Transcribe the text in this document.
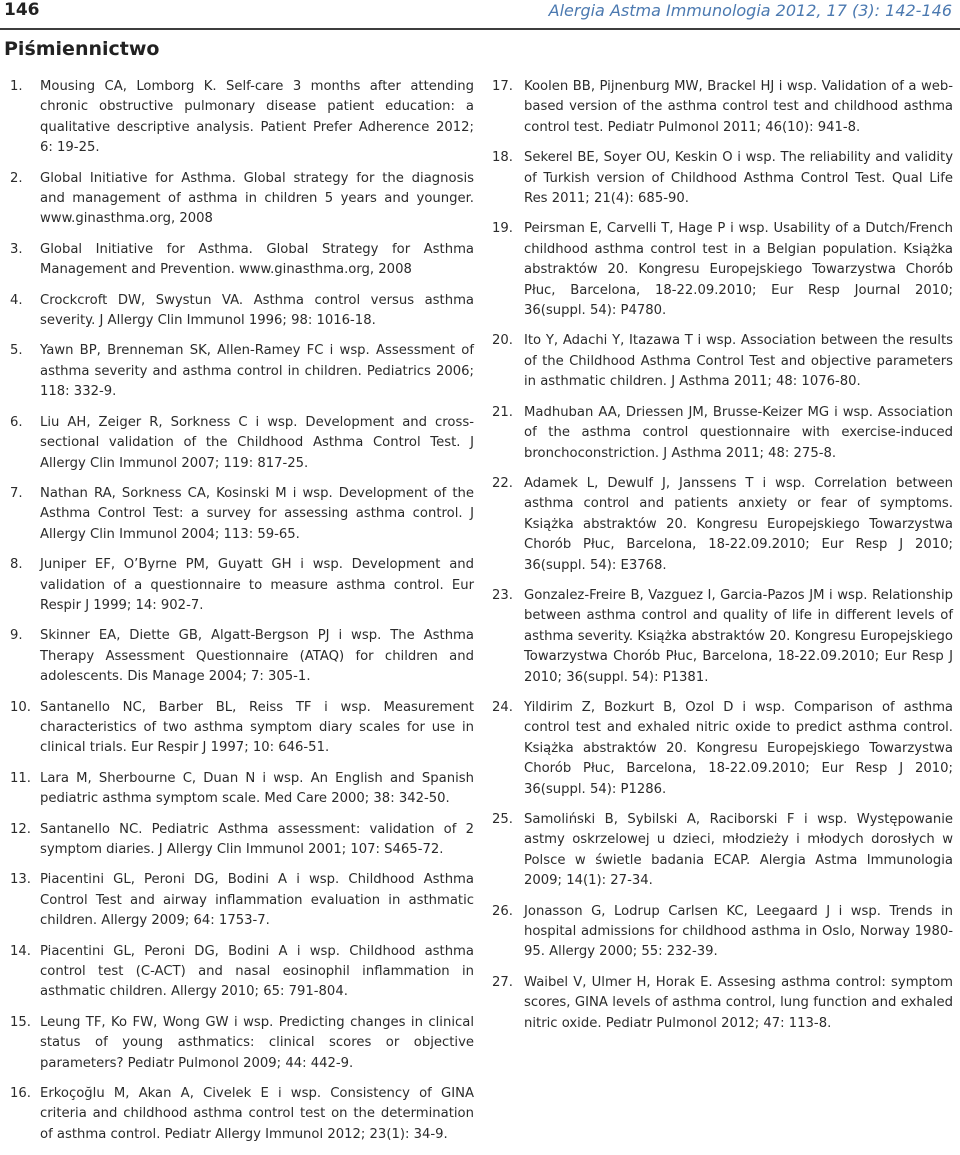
146	Alergia Astma Immunologia 2012, 17 (3): 142-146
Piśmiennictwo
1. Mousing CA, Lomborg K. Self-care 3 months after attending chronic obstructive pulmonary disease patient education: a qualitative descriptive analysis. Patient Prefer Adherence 2012; 6: 19-25.
2. Global Initiative for Asthma. Global strategy for the diagnosis and management of asthma in children 5 years and younger. www.ginasthma.org, 2008
3. Global Initiative for Asthma. Global Strategy for Asthma Management and Prevention. www.ginasthma.org, 2008
4. Crockcroft DW, Swystun VA. Asthma control versus asthma severity. J Allergy Clin Immunol 1996; 98: 1016-18.
5. Yawn BP, Brenneman SK, Allen-Ramey FC i wsp. Assessment of asthma severity and asthma control in children. Pediatrics 2006; 118: 332-9.
6. Liu AH, Zeiger R, Sorkness C i wsp. Development and cross-sectional validation of the Childhood Asthma Control Test. J Allergy Clin Immunol 2007; 119: 817-25.
7. Nathan RA, Sorkness CA, Kosinski M i wsp. Development of the Asthma Control Test: a survey for assessing asthma control. J Allergy Clin Immunol 2004; 113: 59-65.
8. Juniper EF, O’Byrne PM, Guyatt GH i wsp. Development and validation of a questionnaire to measure asthma control. Eur Respir J 1999; 14: 902-7.
9. Skinner EA, Diette GB, Algatt-Bergson PJ i wsp. The Asthma Therapy Assessment Questionnaire (ATAQ) for children and adolescents. Dis Manage 2004; 7: 305-1.
10. Santanello NC, Barber BL, Reiss TF i wsp. Measurement characteristics of two asthma symptom diary scales for use in clinical trials. Eur Respir J 1997; 10: 646-51.
11. Lara M, Sherbourne C, Duan N i wsp. An English and Spanish pediatric asthma symptom scale. Med Care 2000; 38: 342-50.
12. Santanello NC. Pediatric Asthma assessment: validation of 2 symptom diaries. J Allergy Clin Immunol 2001; 107: S465-72.
13. Piacentini GL, Peroni DG, Bodini A i wsp. Childhood Asthma Control Test and airway inflammation evaluation in asthmatic children. Allergy 2009; 64: 1753-7.
14. Piacentini GL, Peroni DG, Bodini A i wsp. Childhood asthma control test (C-ACT) and nasal eosinophil inflammation in asthmatic children. Allergy 2010; 65: 791-804.
15. Leung TF, Ko FW, Wong GW i wsp. Predicting changes in clinical status of young asthmatics: clinical scores or objective parameters? Pediatr Pulmonol 2009; 44: 442-9.
16. Erkoçoğlu M, Akan A, Civelek E i wsp. Consistency of GINA criteria and childhood asthma control test on the determination of asthma control. Pediatr Allergy Immunol 2012; 23(1): 34-9.
17. Koolen BB, Pijnenburg MW, Brackel HJ i wsp. Validation of a web-based version of the asthma control test and childhood asthma control test. Pediatr Pulmonol 2011; 46(10): 941-8.
18. Sekerel BE, Soyer OU, Keskin O i wsp. The reliability and validity of Turkish version of Childhood Asthma Control Test. Qual Life Res 2011; 21(4): 685-90.
19. Peirsman E, Carvelli T, Hage P i wsp. Usability of a Dutch/French childhood asthma control test in a Belgian population. Książka abstraktów 20. Kongresu Europejskiego Towarzystwa Chorób Płuc, Barcelona, 18-22.09.2010; Eur Resp Journal 2010; 36(suppl. 54): P4780.
20. Ito Y, Adachi Y, Itazawa T i wsp. Association between the results of the Childhood Asthma Control Test and objective parameters in asthmatic children. J Asthma 2011; 48: 1076-80.
21. Madhuban AA, Driessen JM, Brusse-Keizer MG i wsp. Association of the asthma control questionnaire with exercise-induced bronchoconstriction. J Asthma 2011; 48: 275-8.
22. Adamek L, Dewulf J, Janssens T i wsp. Correlation between asthma control and patients anxiety or fear of symptoms. Książka abstraktów 20. Kongresu Europejskiego Towarzystwa Chorób Płuc, Barcelona, 18-22.09.2010; Eur Resp J 2010; 36(suppl. 54): E3768.
23. Gonzalez-Freire B, Vazguez I, Garcia-Pazos JM i wsp. Relationship between asthma control and quality of life in different levels of asthma severity. Książka abstraktów 20. Kongresu Europejskiego Towarzystwa Chorób Płuc, Barcelona, 18-22.09.2010; Eur Resp J 2010; 36(suppl. 54): P1381.
24. Yildirim Z, Bozkurt B, Ozol D i wsp. Comparison of asthma control test and exhaled nitric oxide to predict asthma control. Książka abstraktów 20. Kongresu Europejskiego Towarzystwa Chorób Płuc, Barcelona, 18-22.09.2010; Eur Resp J 2010; 36(suppl. 54): P1286.
25. Samoliński B, Sybilski A, Raciborski F i wsp. Występowanie astmy oskrzelowej u dzieci, młodzieży i młodych dorosłych w Polsce w świetle badania ECAP. Alergia Astma Immunologia 2009; 14(1): 27-34.
26. Jonasson G, Lodrup Carlsen KC, Leegaard J i wsp. Trends in hospital admissions for childhood asthma in Oslo, Norway 1980-95. Allergy 2000; 55: 232-39.
27. Waibel V, Ulmer H, Horak E. Assesing asthma control: symptom scores, GINA levels of asthma control, lung function and exhaled nitric oxide. Pediatr Pulmonol 2012; 47: 113-8.
